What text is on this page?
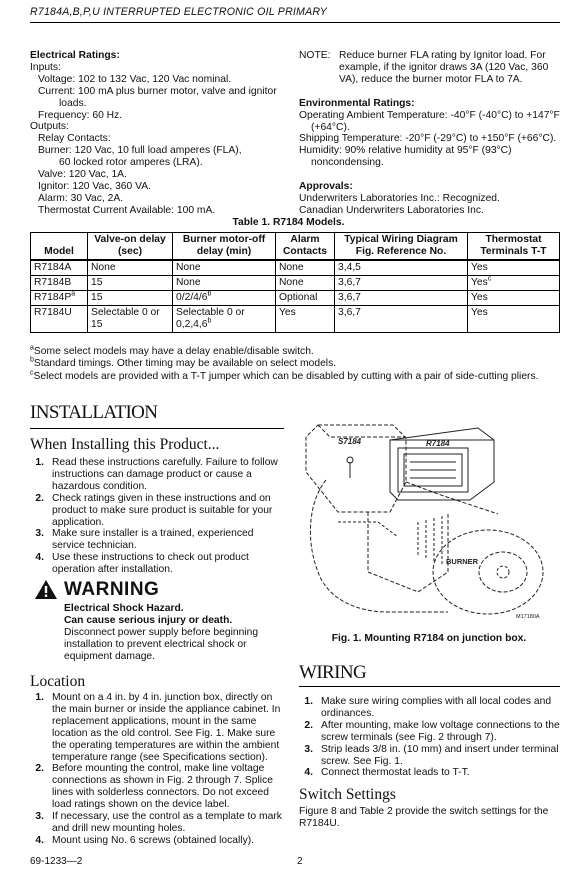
R7184A,B,P,U INTERRUPTED ELECTRONIC OIL PRIMARY

Electrical Ratings:

Inputs:

Voltage: 102 to 132 Vac, 120 Vac nominal.

Current: 100 mA plus burner motor, valve and ignitor

loads.

Frequency: 60 Hz.

Outputs:

Relay Contacts:

Burner: 120 Vac, 10 full load amperes (FLA),

60 locked rotor amperes (LRA).

Valve: 120 Vac, 1A.

Ignitor: 120 Vac, 360 VA.

Alarm: 30 Vac, 2A.

Thermostat Current Available: 100 mA.

NOTE: Reduce burner FLA rating by Ignitor load. For example, if the ignitor draws 3A (120 Vac, 360 VA), reduce the burner motor FLA to 7A.

Environmental Ratings:

Operating Ambient Temperature: -40°F (-40°C) to +147°F (+64°C).

Shipping Temperature: -20°F (-29°C) to +150°F (+66°C).

Humidity: 90% relative humidity at 95°F (93°C) noncondensing.

Approvals:

Underwriters Laboratories Inc.: Recognized.

Canadian Underwriters Laboratories Inc.

Table 1. R7184 Models.
Model	Valve-on delay (sec)	Burner motor-off delay (min)	Alarm Contacts	Typical Wiring Diagram Fig. Reference No.	Thermostat Terminals T-T
R7184A	None	None	None	3,4,5	Yes
R7184B	15	None	None	3,6,7	Yes$^c$
$R7184P^a$	15	0/2/4/6$^b$	Optional	3,6,7	Yes
R7184U	Selectable 0 or 15	Selectable 0 or 0,2,4,6$^b$	Yes	3,6,7	Yes

$^a$Some select models may have a delay enable/disable switch.

$^b$Standard timings. Other timing may be available on select models.

$^c$Select models are provided with a T-T jumper which can be disabled by cutting with a pair of side-cutting pliers.

INSTALLATION
When Installing this Product...
1. Read these instructions carefully. Failure to follow instructions can damage product or cause a hazardous condition.
2. Check ratings given in these instructions and on product to make sure product is suitable for your application.
3. Make sure installer is a trained, experienced service technician.
4. Use these instructions to check out product operation after installation.
WARNING
Electrical Shock Hazard.
Can cause serious injury or death.
Disconnect power supply before beginning installation to prevent electrical shock or equipment damage.
Location
1. Mount on a 4 in. by 4 in. junction box, directly on the main burner or inside the appliance cabinet. In replacement applications, mount in the same location as the old control. See Fig. 1. Make sure the operating temperatures are within the ambient temperature range (see Specifications section).
2. Before mounting the control, make line voltage connections as shown in Fig. 2 through 7. Splice lines with solderless connectors. Do not exceed load ratings shown on the device label.
3. If necessary, use the control as a template to mark and drill new mounting holes.
4. Mount using No. 6 screws (obtained locally).
S7184	R7184
BURNER
M17180A
Fig. 1. Mounting R7184 on junction box.
WIRING
1. Make sure wiring complies with all local codes and ordinances.
2. After mounting, make low voltage connections to the screw terminals (see Fig. 2 through 7).
3. Strip leads 3/8 in. (10 mm) and insert under terminal screw. See Fig. 1.
4. Connect thermostat leads to T-T.
Switch Settings
Figure 8 and Table 2 provide the switch settings for the R7184U.
69-1233—2	2
